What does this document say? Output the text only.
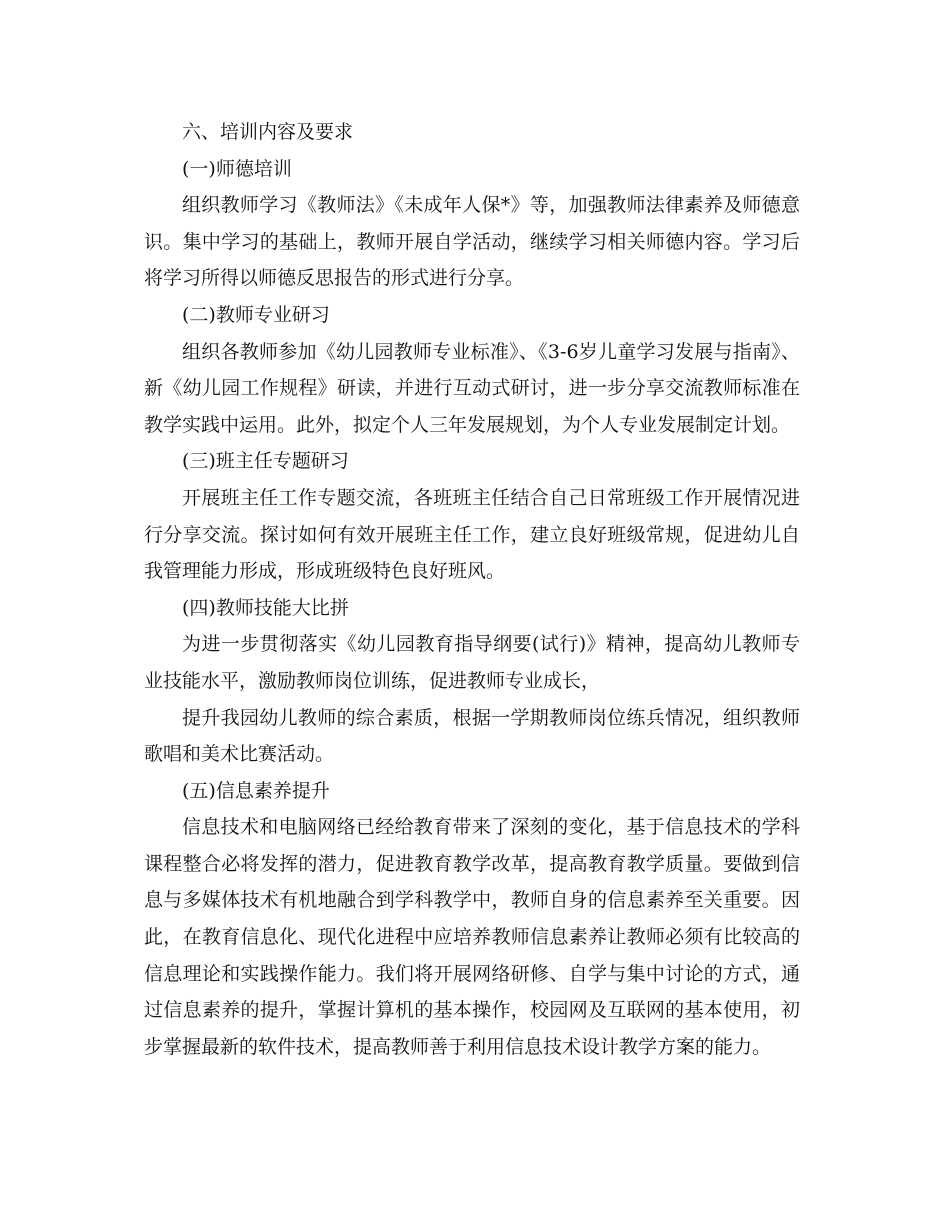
六、培训内容及要求

(一)师德培训

组织教师学习《教师法》《未成年人保*》等，加强教师法律素养及师德意识。集中学习的基础上，教师开展自学活动，继续学习相关师德内容。学习后将学习所得以师德反思报告的形式进行分享。

(二)教师专业研习

组织各教师参加《幼儿园教师专业标准》、《3-6岁儿童学习发展与指南》、新《幼儿园工作规程》研读，并进行互动式研讨，进一步分享交流教师标准在教学实践中运用。此外，拟定个人三年发展规划，为个人专业发展制定计划。

(三)班主任专题研习

开展班主任工作专题交流，各班班主任结合自己日常班级工作开展情况进行分享交流。探讨如何有效开展班主任工作，建立良好班级常规，促进幼儿自我管理能力形成，形成班级特色良好班风。

(四)教师技能大比拼

为进一步贯彻落实《幼儿园教育指导纲要(试行)》精神，提高幼儿教师专业技能水平，激励教师岗位训练，促进教师专业成长，

提升我园幼儿教师的综合素质，根据一学期教师岗位练兵情况，组织教师歌唱和美术比赛活动。

(五)信息素养提升

信息技术和电脑网络已经给教育带来了深刻的变化，基于信息技术的学科课程整合必将发挥的潜力，促进教育教学改革，提高教育教学质量。要做到信息与多媒体技术有机地融合到学科教学中，教师自身的信息素养至关重要。因此，在教育信息化、现代化进程中应培养教师信息素养让教师必须有比较高的信息理论和实践操作能力。我们将开展网络研修、自学与集中讨论的方式，通过信息素养的提升，掌握计算机的基本操作，校园网及互联网的基本使用，初步掌握最新的软件技术，提高教师善于利用信息技术设计教学方案的能力。
